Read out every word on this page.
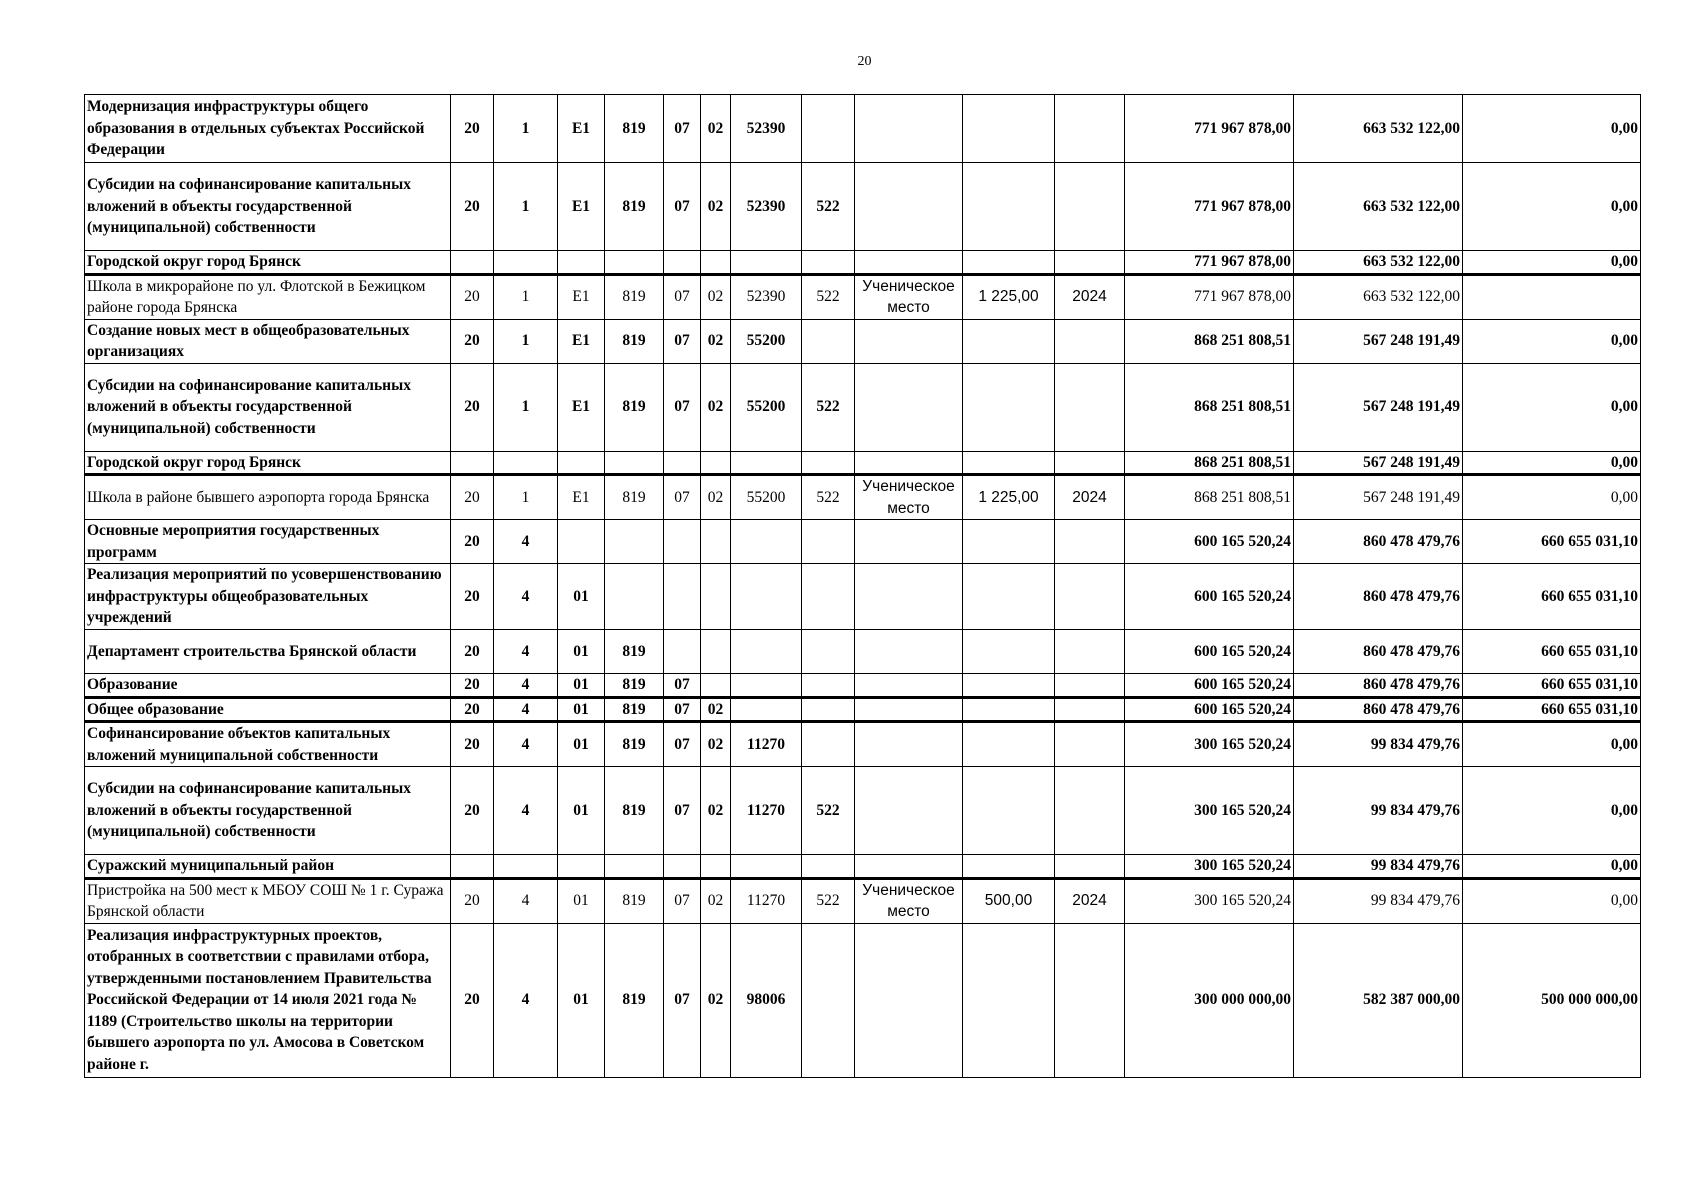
20
Модернизация инфраструктуры общего образования в отдельных субъектах Российской Федерации	20	1	Е1	819	07	02	52390					771 967 878,00	663 532 122,00	0,00
Субсидии на софинансирование капитальных вложений в объекты государственной (муниципальной) собственности	20	1	Е1	819	07	02	52390	522				771 967 878,00	663 532 122,00	0,00
Городской округ город Брянск												771 967 878,00	663 532 122,00	0,00
Школа в микрорайоне по ул. Флотской в Бежицком районе города Брянска	20	1	Е1	819	07	02	52390	522	Ученическое место	1 225,00	2024	771 967 878,00	663 532 122,00	
Создание новых мест в общеобразовательных организациях	20	1	Е1	819	07	02	55200					868 251 808,51	567 248 191,49	0,00
Субсидии на софинансирование капитальных вложений в объекты государственной (муниципальной) собственности	20	1	Е1	819	07	02	55200	522				868 251 808,51	567 248 191,49	0,00
Городской округ город Брянск												868 251 808,51	567 248 191,49	0,00
Школа в районе бывшего аэропорта города Брянска	20	1	Е1	819	07	02	55200	522	Ученическое место	1 225,00	2024	868 251 808,51	567 248 191,49	0,00
Основные мероприятия государственных программ	20	4										600 165 520,24	860 478 479,76	660 655 031,10
Реализация мероприятий по усовершенствованию инфраструктуры общеобразовательных учреждений	20	4	01									600 165 520,24	860 478 479,76	660 655 031,10
Департамент строительства Брянской области	20	4	01	819								600 165 520,24	860 478 479,76	660 655 031,10
Образование	20	4	01	819	07							600 165 520,24	860 478 479,76	660 655 031,10
Общее образование	20	4	01	819	07	02						600 165 520,24	860 478 479,76	660 655 031,10
Софинансирование объектов капитальных вложений муниципальной собственности	20	4	01	819	07	02	11270					300 165 520,24	99 834 479,76	0,00
Субсидии на софинансирование капитальных вложений в объекты государственной (муниципальной) собственности	20	4	01	819	07	02	11270	522				300 165 520,24	99 834 479,76	0,00
Суражский муниципальный район												300 165 520,24	99 834 479,76	0,00
Пристройка на 500 мест к МБОУ СОШ № 1 г. Суража Брянской области	20	4	01	819	07	02	11270	522	Ученическое место	500,00	2024	300 165 520,24	99 834 479,76	0,00
Реализация инфраструктурных проектов, отобранных в соответствии с правилами отбора, утвержденными постановлением Правительства Российской Федерации от 14 июля 2021 года № 1189 (Строительство школы на территории бывшего аэропорта по ул. Амосова в Советском районе г.	20	4	01	819	07	02	98006					300 000 000,00	582 387 000,00	500 000 000,00
